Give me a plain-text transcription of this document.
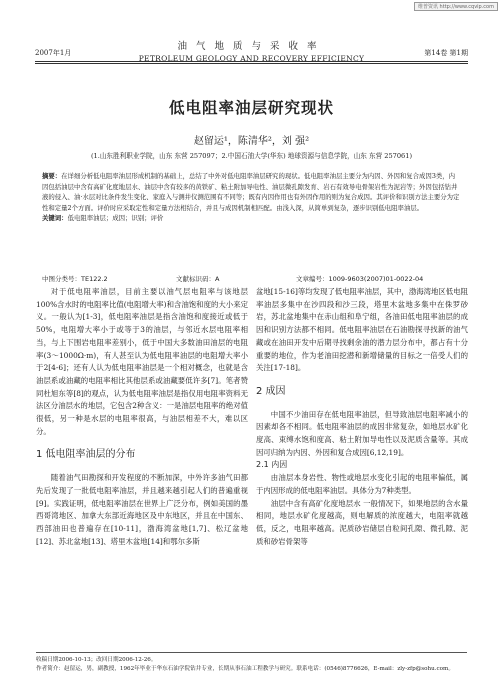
维普资讯 http://www.cqvip.com
油气地质与采收率
PETROLEUM GEOLOGY AND RECOVERY EFFICIENCY
2007年1月	第14卷 第1期
低电阻率油层研究现状
赵留运¹，陈清华²，刘 强²
(1.山东胜利职业学院，山东 东营 257097；2.中国石油大学(华东) 地球资源与信息学院，山东 东营 257061)
摘要：在详细分析低电阻率油层形成机制的基础上，总结了中外对低电阻率油层研究的现状。低电阻率油层主要分为内因、外因和复合成因3类，内因包括油层中含有高矿化度地层水、油层中含有较多的黄铁矿、粘土附加导电性、油层微孔隙发育、岩石有效导电骨架岩性为泥岩等；外因包括钻井液的侵入、油·水层对比条件发生变化、家庭入与测井仪测范围有不同等；既有内因作用也有外因作用的则为复合成因。其评价和识别方法主要分为定性和定量2个方面。评价时应采取定性和定量方法相结合，并且与成因机制相匹配。由浅入深，从简单到复杂，逐步识别低电阻率油层。
关键词：低电阻率油层；成因；识别；评价
中图分类号：TE122.2	文献标识码：A	文章编号：1009-9603(2007)01-0022-04

对于低电阻率油层，目前主要以油气层电阻率与该地层100%含水时的电阻率比值(电阻增大率)和含油饱和度的大小来定义。一般认为[1-3]，低电阻率油层是指含油饱和度接近或低于50%，电阻增大率小于或等于3的油层，与邻近水层电阻率相当，与上下围岩电阻率差别小，低于中国大多数油田油层的电阻率(3～1000Ω·m)，有人甚至认为低电阻率油层的电阻增大率小于2[4-6]；还有人认为低电阻率油层是一个相对概念，也就是含油层系或油藏的电阻率相比其他层系或油藏要低许多[7]。笔者赞同杜旭东等[8]的观点，认为低电阻率油层是指仅用电阻率资料无法区分油层水的地层，它包含2种含义：一是油层电阻率的绝对值很低，另一种是水层的电阻率很高，与油层相差不大，难以区分。

1 低电阻率油层的分布

随着油气田勘探和开发程度的不断加深，中外许多油气田都先后发现了一批低电阻率油层，并且越来越引起人们的普遍重视[9]。实践证明，低电阻率油层在世界上广泛分布，例如美国的墨西哥湾地区、加拿大东部近海地区及中东地区，并且在中国东、西部油田也普遍存在[10-11]，渤海湾盆地[1,7]、松辽盆地[12]、苏北盆地[13]、塔里木盆地[14]和鄂尔多斯

盆地[15-16]等均发现了低电阻率油层，其中，渤海湾地区低电阻率油层多集中在沙四段和沙三段，塔里木盆地多集中在侏罗砂岩，苏北盆地集中在赤山组和阜宁组，各油田低电阻率油层的成因和识别方法都不相同。低电阻率油层在石油勘探寻找新的油气藏或在油田开发中后期寻找剩余油的潜力层分布中，都占有十分重要的地位，作为老油田挖潜和新增储量的目标之一倍受人们的关注[17-18]。

2 成因

中国不少油田存在低电阻率油层，但导致油层电阻率减小的因素却各不相同。低电阻率油层的成因非常复杂，如地层水矿化度高、束缚水饱和度高、粘土附加导电性以及泥质含量等。其成因可归纳为内因、外因和复合成因[6,12,19]。

2.1 内因

由油层本身岩性、物性或地层水变化引起的电阻率偏低，属于内因形成的低电阻率油层。具体分为7种类型。

油层中含有高矿化度地层水 一般情况下，如果地层的含水量相同，地层水矿化度越高，则电解质的浓度越大，电阻率就越低，反之，电阻率越高。泥质砂岩储层自粒间孔隙、微孔隙、泥质和砂岩骨架等

收稿日期2006-10-13；改回日期2006-12-26。
作者简介：赵留运，男，副教授，1962年毕业于华东石油学院钻井专业，长期从事石油工程教学与研究。联系电话：(0546)8776626，E-mail：zly-zfp@sohu.com。
